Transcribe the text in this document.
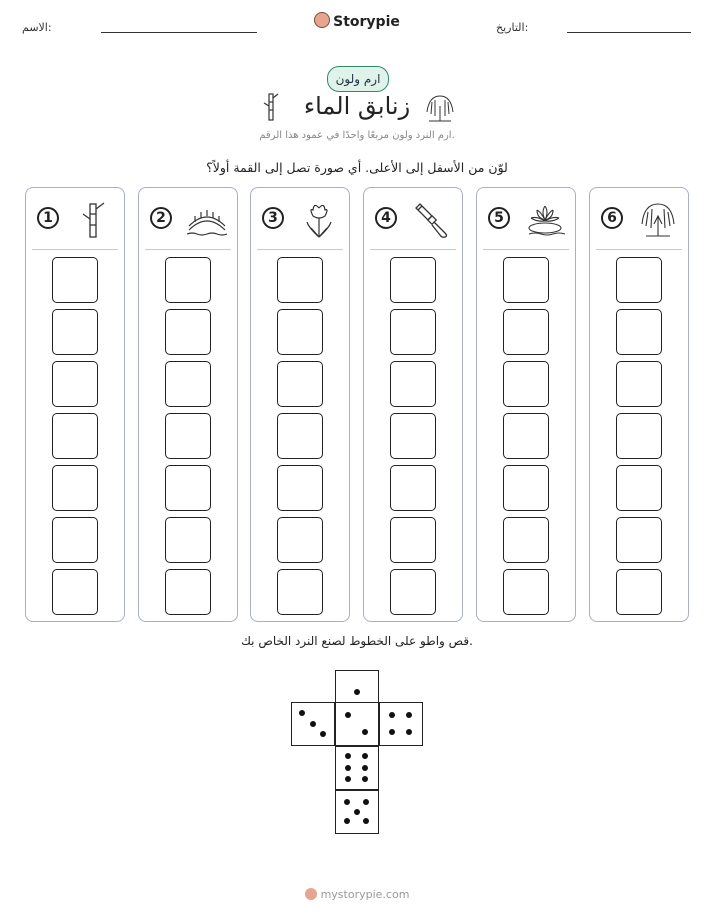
الاسم:	Storypie	التاريخ:
ارم ولون
زنابق الماء
ارم النرد ولون مربعًا واحدًا في عمود هذا الرقم.
لوّن من الأسفل إلى الأعلى. أي صورة تصل إلى القمة أولاً؟
1	2	3	4	5	6
قص واطو على الخطوط لصنع النرد الخاص بك.
mystorypie.com
